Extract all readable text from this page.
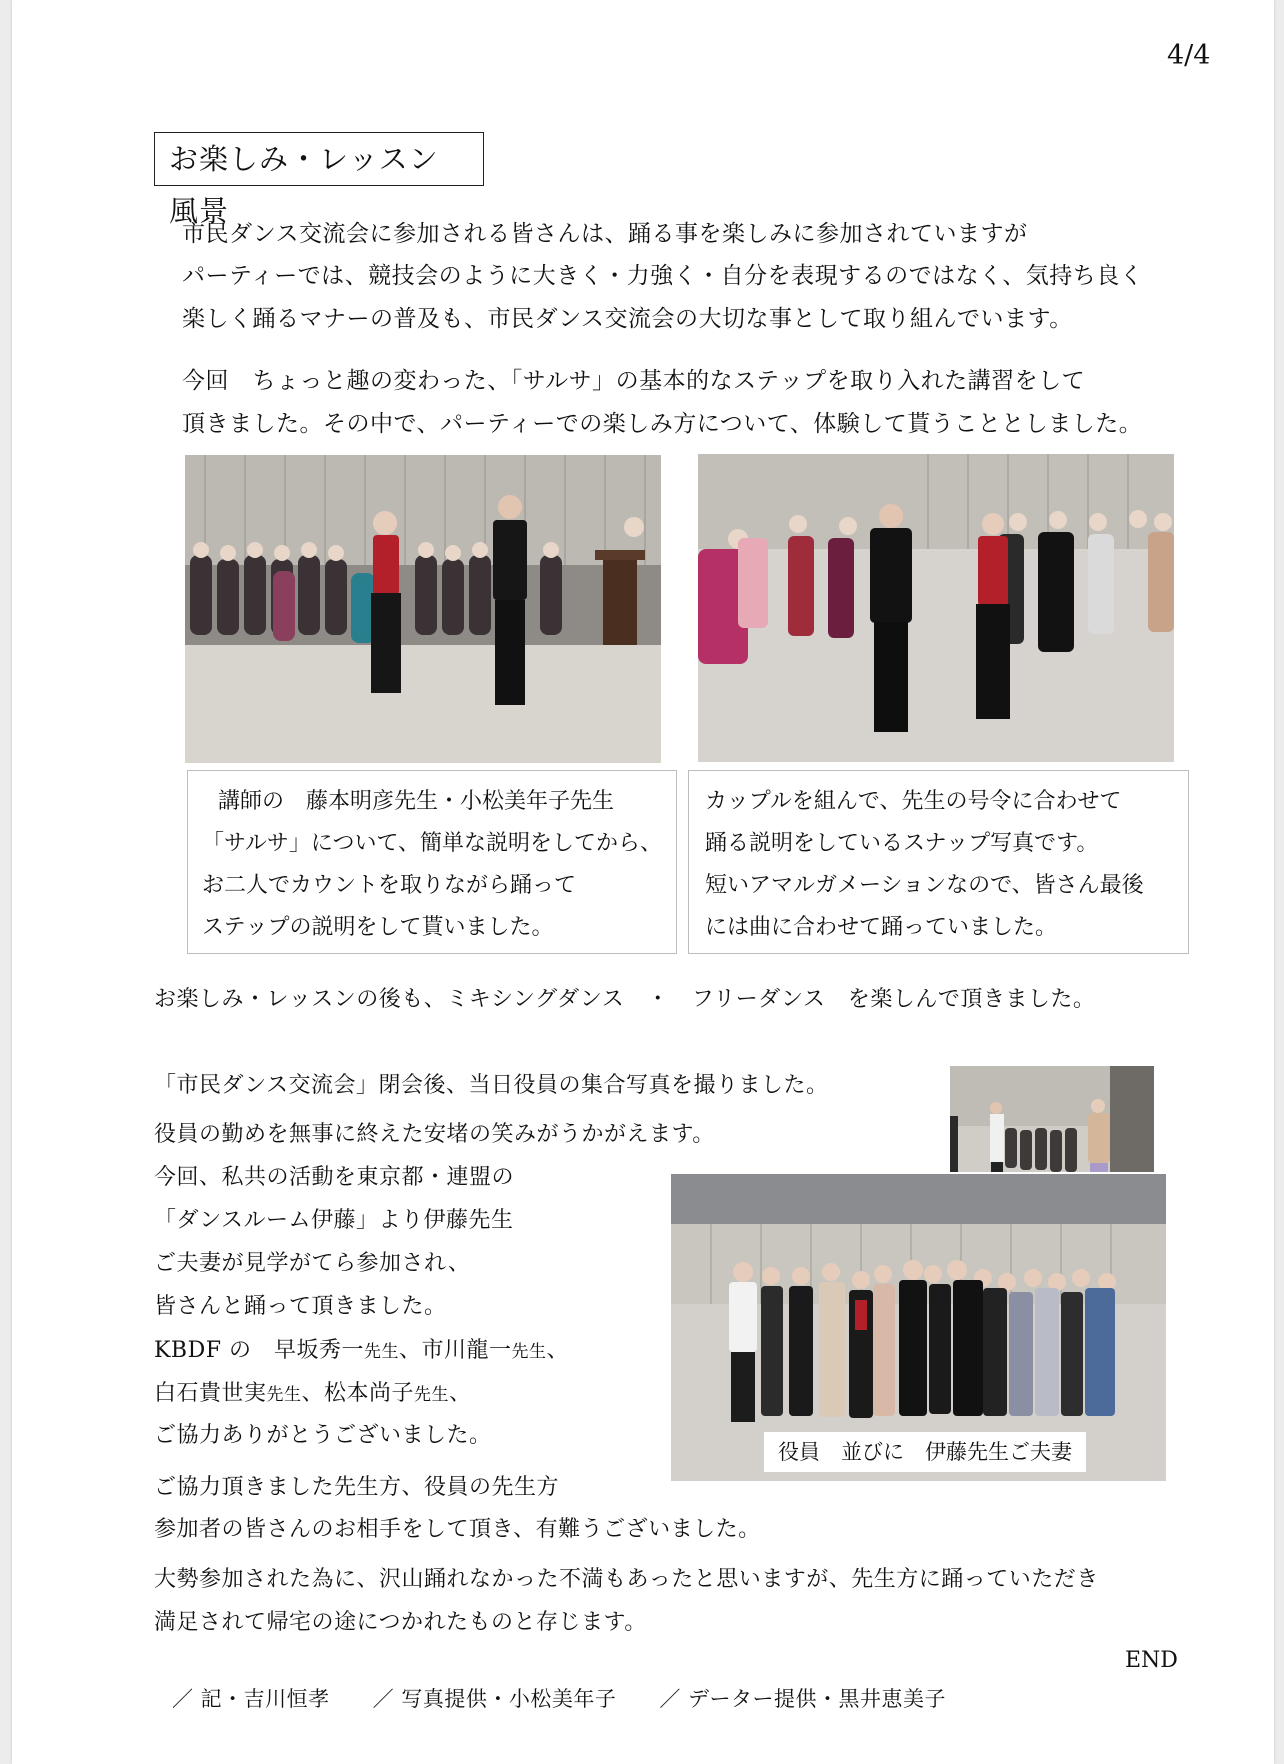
4/4
お楽しみ・レッスン　風景
市民ダンス交流会に参加される皆さんは、踊る事を楽しみに参加されていますが
パーティーでは、競技会のように大きく・力強く・自分を表現するのではなく、気持ち良く
楽しく踊るマナーの普及も、市民ダンス交流会の大切な事として取り組んでいます。
今回　ちょっと趣の変わった、「サルサ」の基本的なステップを取り入れた講習をして
頂きました。その中で、パーティーでの楽しみ方について、体験して貰うこととしました。
講師の　藤本明彦先生・小松美年子先生
「サルサ」について、簡単な説明をしてから、
お二人でカウントを取りながら踊って
ステップの説明をして貰いました。
カップルを組んで、先生の号令に合わせて
踊る説明をしているスナップ写真です。
短いアマルガメーションなので、皆さん最後
には曲に合わせて踊っていました。
お楽しみ・レッスンの後も、ミキシングダンス　・　フリーダンス　を楽しんで頂きました。
「市民ダンス交流会」閉会後、当日役員の集合写真を撮りました。
役員の勤めを無事に終えた安堵の笑みがうかがえます。
今回、私共の活動を東京都・連盟の
「ダンスルーム伊藤」より伊藤先生
ご夫妻が見学がてら参加され、
皆さんと踊って頂きました。
KBDF の　早坂秀一先生、市川龍一先生、
白石貴世実先生、松本尚子先生、
ご協力ありがとうございました。
役員　並びに　伊藤先生ご夫妻
ご協力頂きました先生方、役員の先生方
参加者の皆さんのお相手をして頂き、有難うございました。
大勢参加された為に、沢山踊れなかった不満もあったと思いますが、先生方に踊っていただき
満足されて帰宅の途につかれたものと存じます。
END
／ 記・吉川恒孝　　／ 写真提供・小松美年子　　／ データー提供・黒井恵美子
